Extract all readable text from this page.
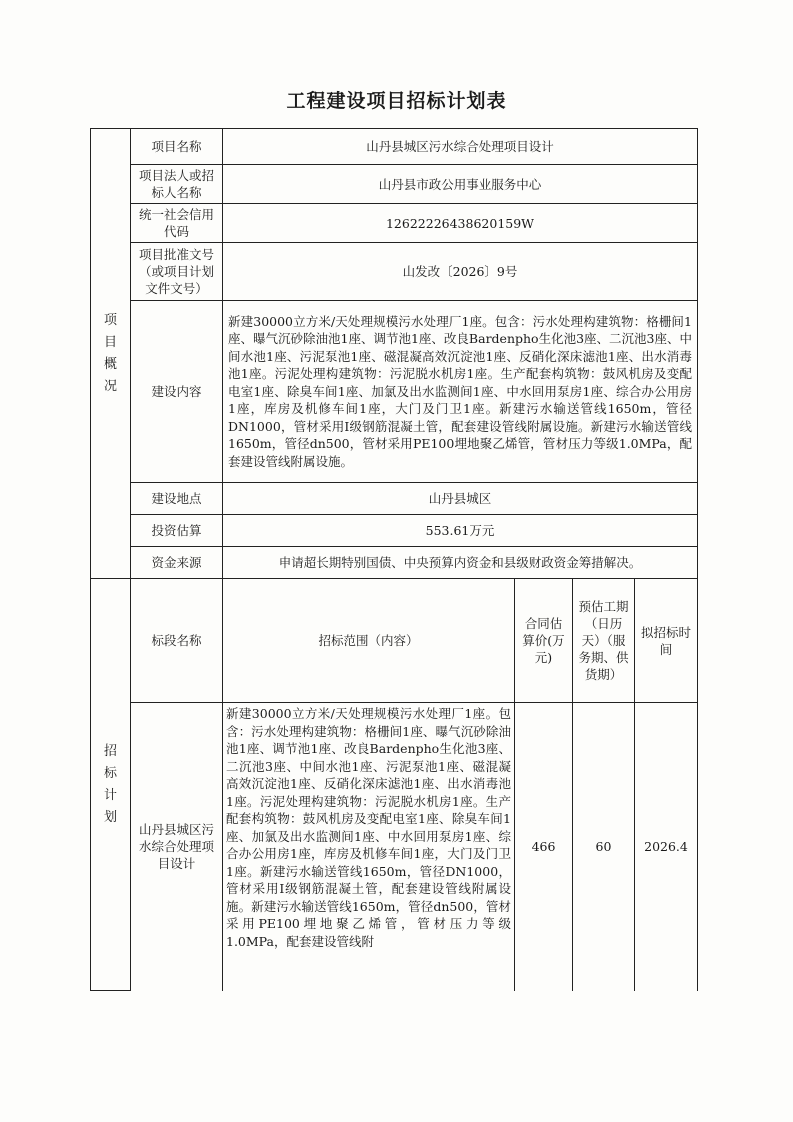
工程建设项目招标计划表
项
目
概
况	项目名称	山丹县城区污水综合处理项目设计			
	项目法人或招标人名称	山丹县市政公用事业服务中心			
	统一社会信用代码	12622226438620159W			
	项目批准文号（或项目计划文件文号）	山发改〔2026〕9号			
	建设内容	新建30000立方米/天处理规模污水处理厂1座。包含：污水处理构建筑物：格栅间1座、曝气沉砂除油池1座、调节池1座、改良Bardenpho生化池3座、二沉池3座、中间水池1座、污泥泵池1座、磁混凝高效沉淀池1座、反硝化深床滤池1座、出水消毒池1座。污泥处理构建筑物：污泥脱水机房1座。生产配套构筑物：鼓风机房及变配电室1座、除臭车间1座、加氯及出水监测间1座、中水回用泵房1座、综合办公用房1座，库房及机修车间1座，大门及门卫1座。新建污水输送管线1650m，管径DN1000，管材采用Ⅰ级钢筋混凝土管，配套建设管线附属设施。新建污水输送管线1650m，管径dn500，管材采用PE100埋地聚乙烯管，管材压力等级1.0MPa，配套建设管线附属设施。			
	建设地点	山丹县城区			
	投资估算	553.61万元			
	资金来源	申请超长期特别国债、中央预算内资金和县级财政资金筹措解决。			

招
标
计
划	标段名称	招标范围（内容）	合同估算价(万元)	预估工期（日历天）（服务期、供货期）	拟招标时间
	山丹县城区污水综合处理项目设计	新建30000立方米/天处理规模污水处理厂1座。包含：污水处理构建筑物：格栅间1座、曝气沉砂除油池1座、调节池1座、改良Bardenpho生化池3座、二沉池3座、中间水池1座、污泥泵池1座、磁混凝高效沉淀池1座、反硝化深床滤池1座、出水消毒池1座。污泥处理构建筑物：污泥脱水机房1座。生产配套构筑物：鼓风机房及变配电室1座、除臭车间1座、加氯及出水监测间1座、中水回用泵房1座、综合办公用房1座，库房及机修车间1座，大门及门卫1座。新建污水输送管线1650m，管径DN1000，管材采用Ⅰ级钢筋混凝土管，配套建设管线附属设施。新建污水输送管线1650m，管径dn500，管材采用PE100埋地聚乙烯管，管材压力等级1.0MPa，配套建设管线附	466	60	2026.4
